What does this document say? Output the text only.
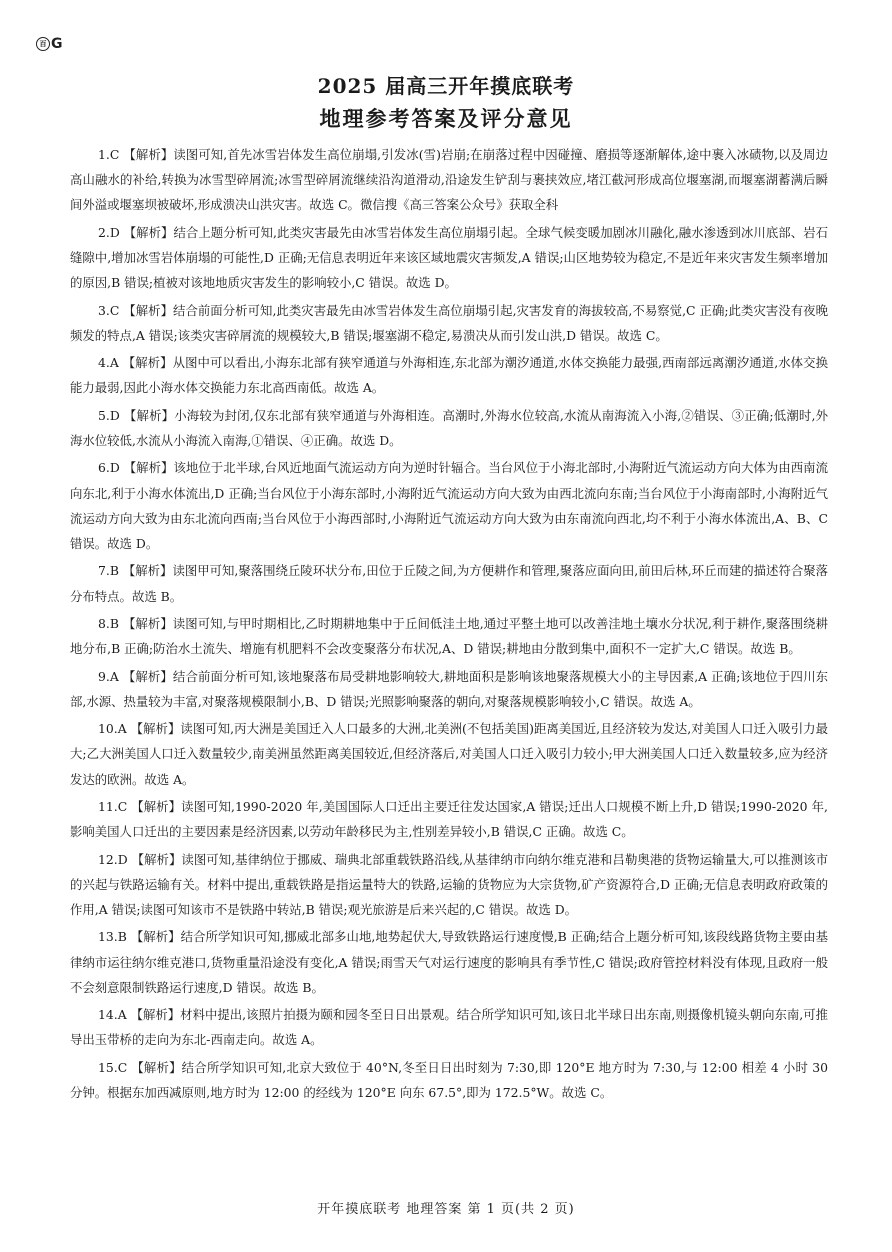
百 G
2025 届高三开年摸底联考
地理参考答案及评分意见

1.C 【解析】读图可知,首先冰雪岩体发生高位崩塌,引发冰(雪)岩崩;在崩落过程中因碰撞、磨损等逐渐解体,途中裹入冰碛物,以及周边高山融水的补给,转换为冰雪型碎屑流;冰雪型碎屑流继续沿沟道滑动,沿途发生铲刮与裹挟效应,堵江截河形成高位堰塞湖,而堰塞湖蓄满后瞬间外溢或堰塞坝被破坏,形成溃决山洪灾害。故选 C。微信搜《高三答案公众号》获取全科

2.D 【解析】结合上题分析可知,此类灾害最先由冰雪岩体发生高位崩塌引起。全球气候变暖加剧冰川融化,融水渗透到冰川底部、岩石缝隙中,增加冰雪岩体崩塌的可能性,D 正确;无信息表明近年来该区域地震灾害频发,A 错误;山区地势较为稳定,不是近年来灾害发生频率增加的原因,B 错误;植被对该地地质灾害发生的影响较小,C 错误。故选 D。

3.C 【解析】结合前面分析可知,此类灾害最先由冰雪岩体发生高位崩塌引起,灾害发育的海拔较高,不易察觉,C 正确;此类灾害没有夜晚频发的特点,A 错误;该类灾害碎屑流的规模较大,B 错误;堰塞湖不稳定,易溃决从而引发山洪,D 错误。故选 C。

4.A 【解析】从图中可以看出,小海东北部有狭窄通道与外海相连,东北部为潮汐通道,水体交换能力最强,西南部远离潮汐通道,水体交换能力最弱,因此小海水体交换能力东北高西南低。故选 A。

5.D 【解析】小海较为封闭,仅东北部有狭窄通道与外海相连。高潮时,外海水位较高,水流从南海流入小海,②错误、③正确;低潮时,外海水位较低,水流从小海流入南海,①错误、④正确。故选 D。

6.D 【解析】该地位于北半球,台风近地面气流运动方向为逆时针辐合。当台风位于小海北部时,小海附近气流运动方向大体为由西南流向东北,利于小海水体流出,D 正确;当台风位于小海东部时,小海附近气流运动方向大致为由西北流向东南;当台风位于小海南部时,小海附近气流运动方向大致为由东北流向西南;当台风位于小海西部时,小海附近气流运动方向大致为由东南流向西北,均不利于小海水体流出,A、B、C 错误。故选 D。

7.B 【解析】读图甲可知,聚落围绕丘陵环状分布,田位于丘陵之间,为方便耕作和管理,聚落应面向田,前田后林,环丘而建的描述符合聚落分布特点。故选 B。

8.B 【解析】读图可知,与甲时期相比,乙时期耕地集中于丘间低洼土地,通过平整土地可以改善洼地土壤水分状况,利于耕作,聚落围绕耕地分布,B 正确;防治水土流失、增施有机肥料不会改变聚落分布状况,A、D 错误;耕地由分散到集中,面积不一定扩大,C 错误。故选 B。

9.A 【解析】结合前面分析可知,该地聚落布局受耕地影响较大,耕地面积是影响该地聚落规模大小的主导因素,A 正确;该地位于四川东部,水源、热量较为丰富,对聚落规模限制小,B、D 错误;光照影响聚落的朝向,对聚落规模影响较小,C 错误。故选 A。

10.A 【解析】读图可知,丙大洲是美国迁入人口最多的大洲,北美洲(不包括美国)距离美国近,且经济较为发达,对美国人口迁入吸引力最大;乙大洲美国人口迁入数量较少,南美洲虽然距离美国较近,但经济落后,对美国人口迁入吸引力较小;甲大洲美国人口迁入数量较多,应为经济发达的欧洲。故选 A。

11.C 【解析】读图可知,1990-2020 年,美国国际人口迁出主要迁往发达国家,A 错误;迁出人口规模不断上升,D 错误;1990-2020 年,影响美国人口迁出的主要因素是经济因素,以劳动年龄移民为主,性别差异较小,B 错误,C 正确。故选 C。

12.D 【解析】读图可知,基律纳位于挪威、瑞典北部重载铁路沿线,从基律纳市向纳尔维克港和吕勒奥港的货物运输量大,可以推测该市的兴起与铁路运输有关。材料中提出,重载铁路是指运量特大的铁路,运输的货物应为大宗货物,矿产资源符合,D 正确;无信息表明政府政策的作用,A 错误;读图可知该市不是铁路中转站,B 错误;观光旅游是后来兴起的,C 错误。故选 D。

13.B 【解析】结合所学知识可知,挪威北部多山地,地势起伏大,导致铁路运行速度慢,B 正确;结合上题分析可知,该段线路货物主要由基律纳市运往纳尔维克港口,货物重量沿途没有变化,A 错误;雨雪天气对运行速度的影响具有季节性,C 错误;政府管控材料没有体现,且政府一般不会刻意限制铁路运行速度,D 错误。故选 B。

14.A 【解析】材料中提出,该照片拍摄为颐和园冬至日日出景观。结合所学知识可知,该日北半球日出东南,则摄像机镜头朝向东南,可推导出玉带桥的走向为东北-西南走向。故选 A。

15.C 【解析】结合所学知识可知,北京大致位于 40°N,冬至日日出时刻为 7:30,即 120°E 地方时为 7:30,与 12:00 相差 4 小时 30 分钟。根据东加西减原则,地方时为 12:00 的经线为 120°E 向东 67.5°,即为 172.5°W。故选 C。

开年摸底联考 地理答案 第 1 页(共 2 页)
